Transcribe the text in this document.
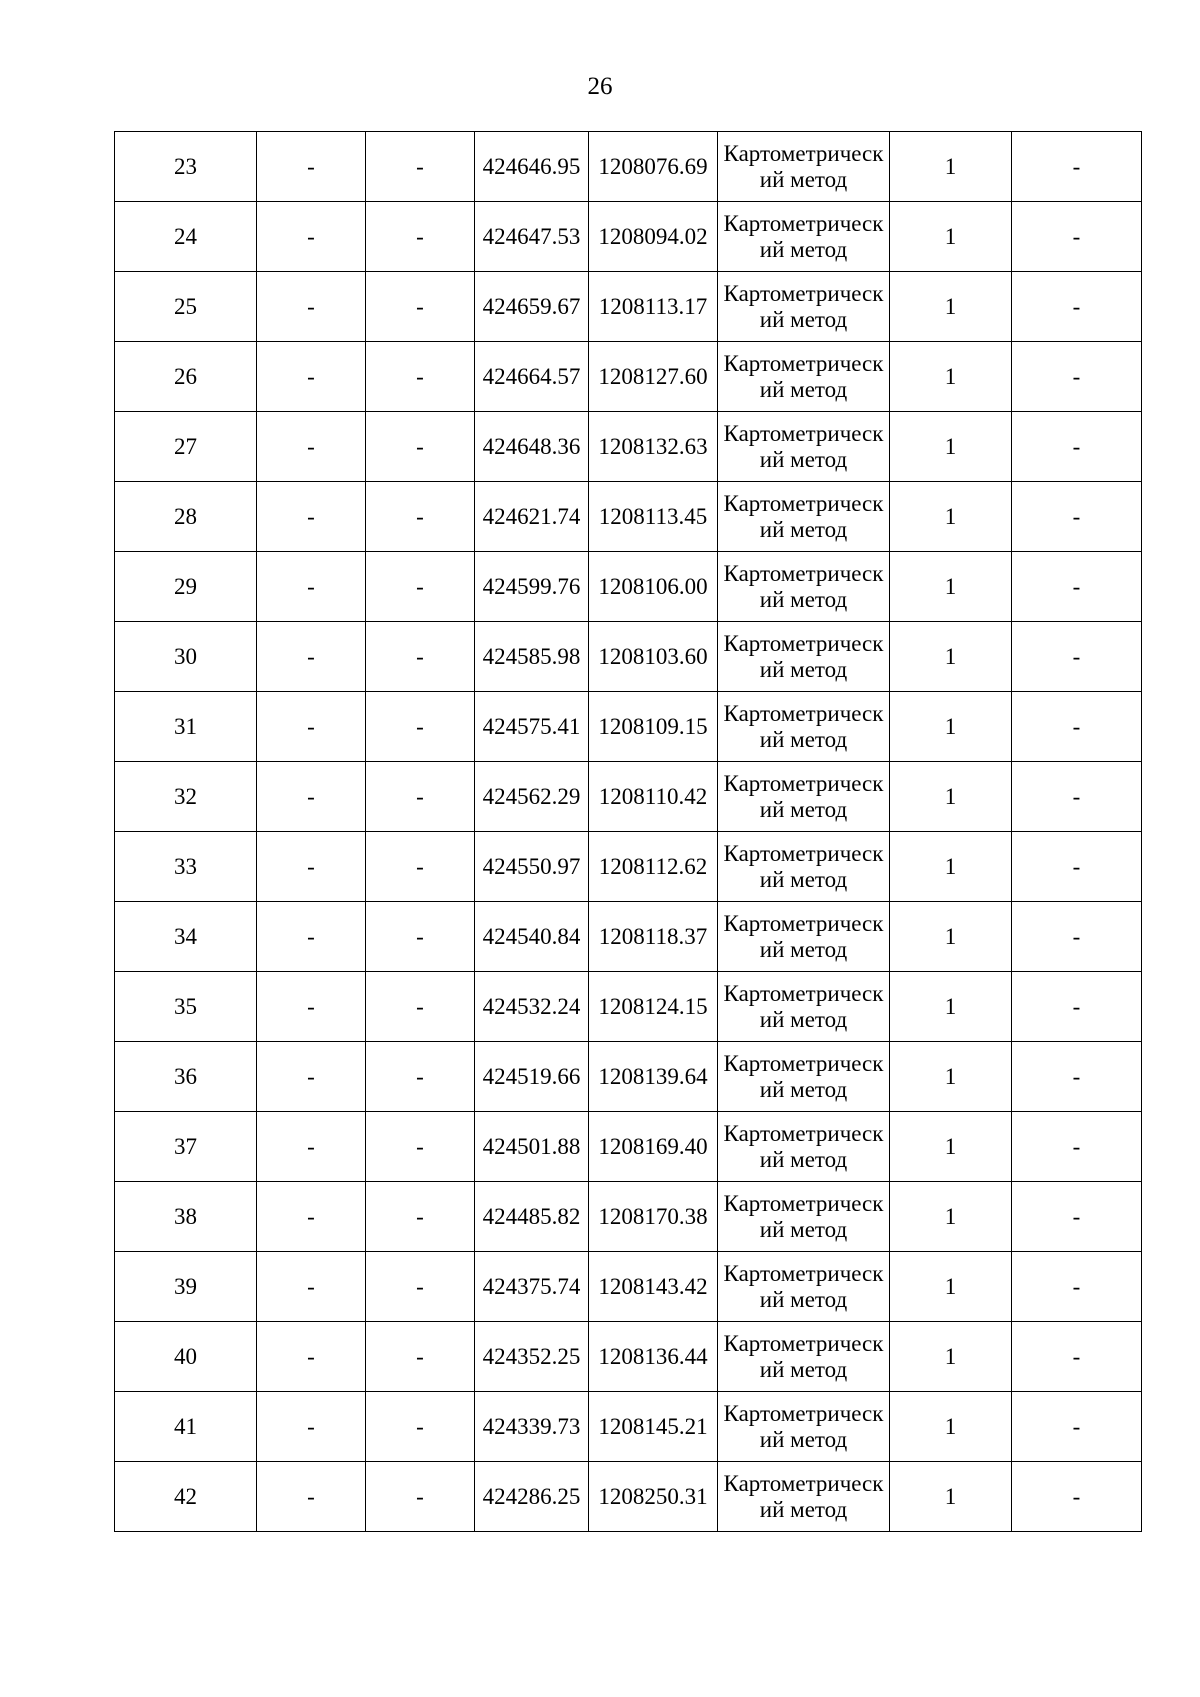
26
23	-	-	424646.95	1208076.69	Картометрическ
ий метод	1	-
24	-	-	424647.53	1208094.02	Картометрическ
ий метод	1	-
25	-	-	424659.67	1208113.17	Картометрическ
ий метод	1	-
26	-	-	424664.57	1208127.60	Картометрическ
ий метод	1	-
27	-	-	424648.36	1208132.63	Картометрическ
ий метод	1	-
28	-	-	424621.74	1208113.45	Картометрическ
ий метод	1	-
29	-	-	424599.76	1208106.00	Картометрическ
ий метод	1	-
30	-	-	424585.98	1208103.60	Картометрическ
ий метод	1	-
31	-	-	424575.41	1208109.15	Картометрическ
ий метод	1	-
32	-	-	424562.29	1208110.42	Картометрическ
ий метод	1	-
33	-	-	424550.97	1208112.62	Картометрическ
ий метод	1	-
34	-	-	424540.84	1208118.37	Картометрическ
ий метод	1	-
35	-	-	424532.24	1208124.15	Картометрическ
ий метод	1	-
36	-	-	424519.66	1208139.64	Картометрическ
ий метод	1	-
37	-	-	424501.88	1208169.40	Картометрическ
ий метод	1	-
38	-	-	424485.82	1208170.38	Картометрическ
ий метод	1	-
39	-	-	424375.74	1208143.42	Картометрическ
ий метод	1	-
40	-	-	424352.25	1208136.44	Картометрическ
ий метод	1	-
41	-	-	424339.73	1208145.21	Картометрическ
ий метод	1	-
42	-	-	424286.25	1208250.31	Картометрическ
ий метод	1	-
